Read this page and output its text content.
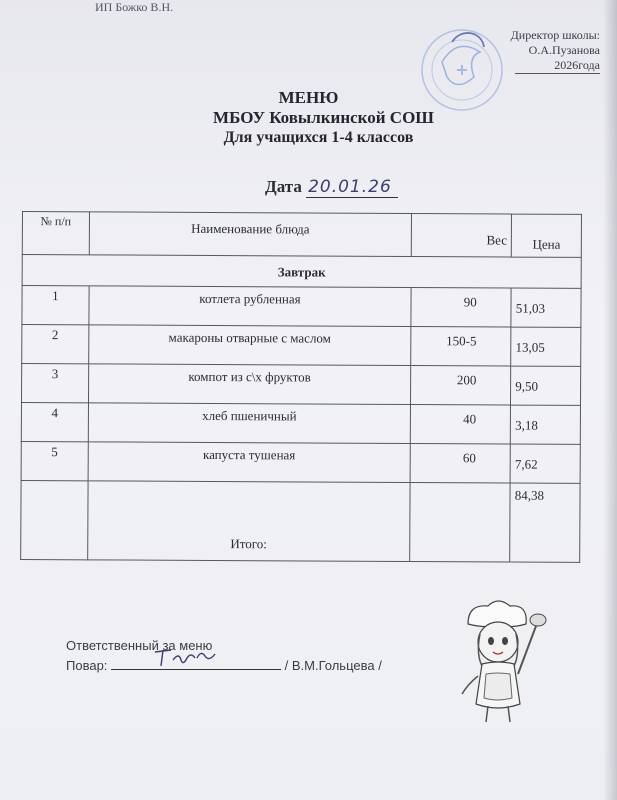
ИП Божко В.Н.
Директор школы:
О.А.Пузанова
2026года
МЕНЮ
МБОУ Ковылкинской СОШ
Для учащихся 1-4 классов
Дата 20.01.26
№ п/п	Наименование блюда	Вес	Цена
Завтрак			
1	котлета рубленная	90	51,03
2	макароны отварные с маслом	150-5	13,05
3	компот из с\х фруктов	200	9,50
4	хлеб пшеничный	40	3,18
5	капуста тушеная	60	7,62
	Итого:		84,38
Ответственный за меню
Повар:	/ В.М.Гольцева /
